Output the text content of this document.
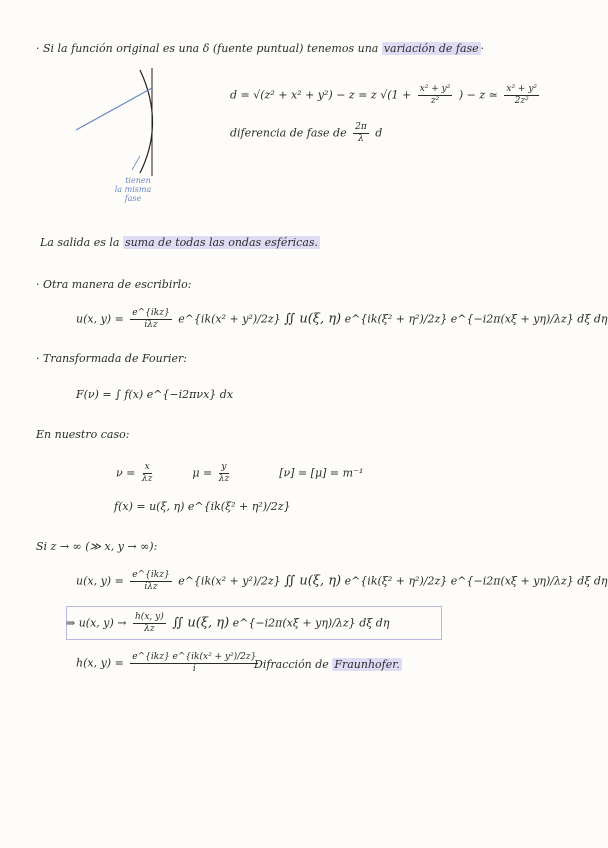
· Si la función original es una δ (fuente puntual) tenemos una variación de fase ·
tienen
la misma
fase
d = √(z² + x² + y²) − z = z $√(1 + \frac{\text{x² + y²}}{\text{z²}}$ ) − z ≃ $\frac{\text{x² + y²}}{\text{2z²}}$
diferencia de fase de $\frac{2\pi}{\lambda}$ d
La salida es la suma de todas las ondas esféricas.
· Otra manera de escribirlo:
u(x, $y) = \frac{\text{e\textasciicircum{}\{ikz\}}}{\text{iλz}}$ e^{ik(x² + y²)/2z} ∬ u(ξ, η) e^{ik(ξ² + η²)/2z} e^{−i2π(xξ + yη)/λz} dξ dη
· Transformada de Fourier:
F(ν) = ∫ f(x) e^{−i2πνx} dx
En nuestro caso:
$\nu = \frac{x}{\lambda z}$	$\mu = \frac{y}{\lambda z}$	[ν] = [μ] = m⁻¹
f(x) = u(ξ, η) e^{ik(ξ² + η²)/2z}
Si z → ∞ (≫ x, y → ∞):
u(x, $y) = \frac{\text{e\textasciicircum{}\{ikz\}}}{\text{iλz}}$ e^{ik(x² + y²)/2z} ∬ u(ξ, η) e^{ik(ξ² + η²)/2z} e^{−i2π(xξ + yη)/λz} dξ dη
⇒ u(x, $y) \to \frac{h(x, y)}{\lambda z}$ ∬ u(ξ, η) e^{−i2π(xξ + yη)/λz} dξ dη
h(x, $y) = \frac{\text{e\textasciicircum{}\{ikz\} e\textasciicircum{}\{ik(x² + y²)/2z\}}}{i}$
Difracción de Fraunhofer.
